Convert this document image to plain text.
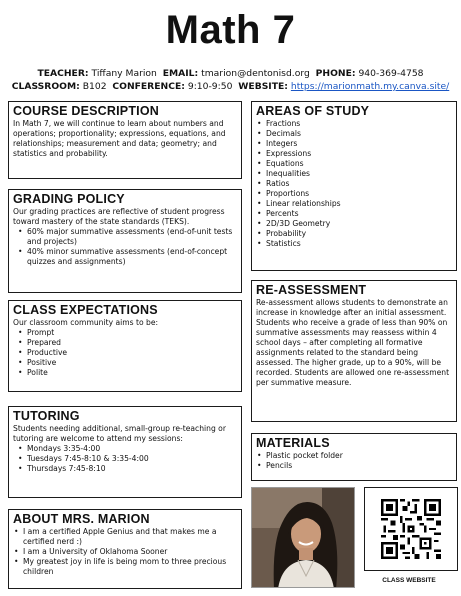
Math 7
TEACHER: Tiffany Marion EMAIL: tmarion@dentonisd.org PHONE: 940-369-4758
CLASSROOM: B102 CONFERENCE: 9:10-9:50 WEBSITE: https://marionmath.my.canva.site/
COURSE DESCRIPTION

In Math 7, we will continue to learn about numbers and operations; proportionality; expressions, equations, and relationships; measurement and data; geometry; and statistics and probability.

GRADING POLICY

Our grading practices are reflective of student progress toward mastery of the state standards (TEKS).

• 60% major summative assessments (end-of-unit tests and projects)
• 40% minor summative assessments (end-of-concept quizzes and assignments)
CLASS EXPECTATIONS

Our classroom community aims to be:

• Prompt
• Prepared
• Productive
• Positive
• Polite
TUTORING

Students needing additional, small-group re-teaching or tutoring are welcome to attend my sessions:

• Mondays 3:35-4:00
• Tuesdays 7:45-8:10 & 3:35-4:00
• Thursdays 7:45-8:10
ABOUT MRS. MARION
• I am a certified Apple Genius and that makes me a certified nerd :)
• I am a University of Oklahoma Sooner
• My greatest joy in life is being mom to three precious children
AREAS OF STUDY
• Fractions
• Decimals
• Integers
• Expressions
• Equations
• Inequalities
• Ratios
• Proportions
• Linear relationships
• Percents
• 2D/3D Geometry
• Probability
• Statistics
RE-ASSESSMENT

Re-assessment allows students to demonstrate an increase in knowledge after an initial assessment. Students who receive a grade of less than 90% on summative assessments may reassess within 4 school days – after completing all formative assignments related to the standard being assessed. The higher grade, up to a 90%, will be recorded. Students are allowed one re-assessment per summative measure.

MATERIALS
• Plastic pocket folder
• Pencils
CLASS WEBSITE
